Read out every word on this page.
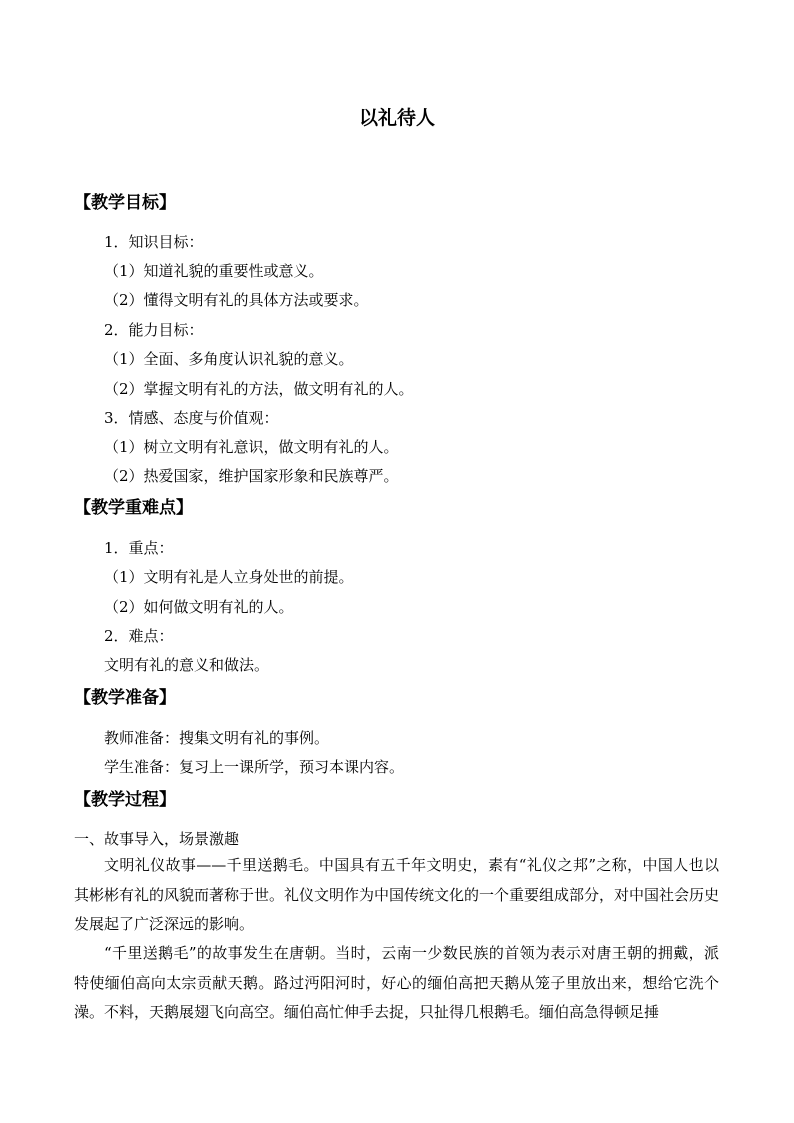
以礼待人
【教学目标】
1．知识目标：
（1）知道礼貌的重要性或意义。
（2）懂得文明有礼的具体方法或要求。
2．能力目标：
（1）全面、多角度认识礼貌的意义。
（2）掌握文明有礼的方法，做文明有礼的人。
3．情感、态度与价值观：
（1）树立文明有礼意识，做文明有礼的人。
（2）热爱国家，维护国家形象和民族尊严。
【教学重难点】
1．重点：
（1）文明有礼是人立身处世的前提。
（2）如何做文明有礼的人。
2．难点：
文明有礼的意义和做法。
【教学准备】
教师准备：搜集文明有礼的事例。
学生准备：复习上一课所学，预习本课内容。
【教学过程】
一、故事导入，场景激趣
文明礼仪故事——千里送鹅毛。中国具有五千年文明史，素有“礼仪之邦”之称，中国人也以其彬彬有礼的风貌而著称于世。礼仪文明作为中国传统文化的一个重要组成部分，对中国社会历史发展起了广泛深远的影响。
“千里送鹅毛”的故事发生在唐朝。当时，云南一少数民族的首领为表示对唐王朝的拥戴，派特使缅伯高向太宗贡献天鹅。路过沔阳河时，好心的缅伯高把天鹅从笼子里放出来，想给它洗个澡。不料，天鹅展翅飞向高空。缅伯高忙伸手去捉，只扯得几根鹅毛。缅伯高急得顿足捶
